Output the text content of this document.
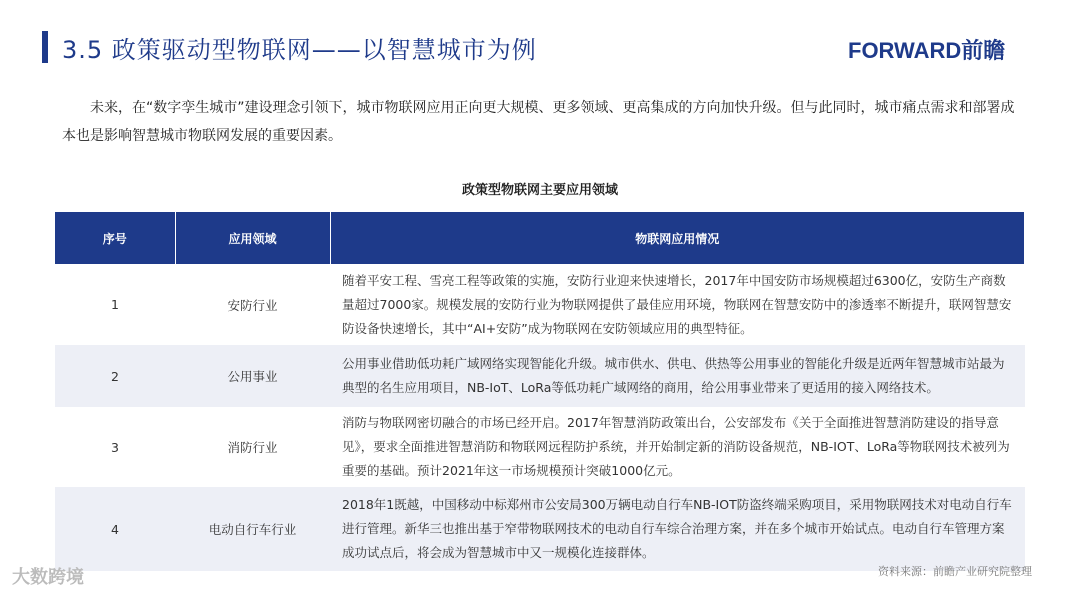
3.5 政策驱动型物联网——以智慧城市为例	FORWARD前瞻
未来，在“数字孪生城市”建设理念引领下，城市物联网应用正向更大规模、更多领域、更高集成的方向加快升级。但与此同时，城市痛点需求和部署成本也是影响智慧城市物联网发展的重要因素。
政策型物联网主要应用领域
序号	应用领域	物联网应用情况
1	安防行业	随着平安工程、雪亮工程等政策的实施，安防行业迎来快速增长，2017年中国安防市场规模超过6300亿，安防生产商数量超过7000家。规模发展的安防行业为物联网提供了最佳应用环境，物联网在智慧安防中的渗透率不断提升，联网智慧安防设备快速增长，其中“AI+安防”成为物联网在安防领域应用的典型特征。
2	公用事业	公用事业借助低功耗广域网络实现智能化升级。城市供水、供电、供热等公用事业的智能化升级是近两年智慧城市站最为典型的名生应用项目，NB-IoT、LoRa等低功耗广域网络的商用，给公用事业带来了更适用的接入网络技术。
3	消防行业	消防与物联网密切融合的市场已经开启。2017年智慧消防政策出台，公安部发布《关于全面推进智慧消防建设的指导意见》，要求全面推进智慧消防和物联网远程防护系统，并开始制定新的消防设备规范，NB-IOT、LoRa等物联网技术被列为重要的基础。预计2021年这一市场规模预计突破1000亿元。
4	电动自行车行业	2018年1既越，中国移动中标郑州市公安局300万辆电动自行车NB-IOT防盗终端采购项目，采用物联网技术对电动自行车进行管理。新华三也推出基于窄带物联网技术的电动自行车综合治理方案，并在多个城市开始试点。电动自行车管理方案成功试点后，将会成为智慧城市中又一规模化连接群体。
资料来源：前瞻产业研究院整理
大数跨境
